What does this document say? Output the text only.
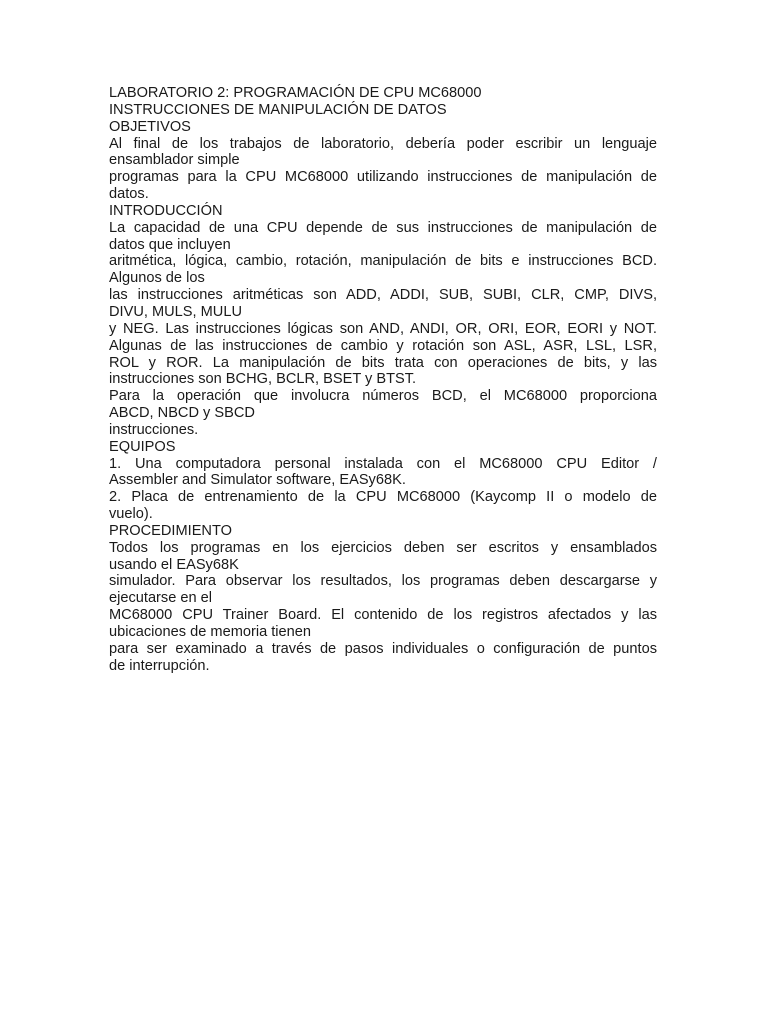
LABORATORIO 2: PROGRAMACIÓN DE CPU MC68000

INSTRUCCIONES DE MANIPULACIÓN DE DATOS

OBJETIVOS

Al final de los trabajos de laboratorio, debería poder escribir un lenguaje

ensamblador simple

programas para la CPU MC68000 utilizando instrucciones de manipulación de

datos.

INTRODUCCIÓN

La capacidad de una CPU depende de sus instrucciones de manipulación de

datos que incluyen

aritmética, lógica, cambio, rotación, manipulación de bits e instrucciones BCD.

Algunos de los

las instrucciones aritméticas son ADD, ADDI, SUB, SUBI, CLR, CMP, DIVS,

DIVU, MULS, MULU

y NEG. Las instrucciones lógicas son AND, ANDI, OR, ORI, EOR, EORI y NOT.

Algunas de las instrucciones de cambio y rotación son ASL, ASR, LSL, LSR,

ROL y ROR. La manipulación de bits trata con operaciones de bits, y las

instrucciones son BCHG, BCLR, BSET y BTST.

Para la operación que involucra números BCD, el MC68000 proporciona

ABCD, NBCD y SBCD

instrucciones.

EQUIPOS

1. Una computadora personal instalada con el MC68000 CPU Editor /

Assembler and Simulator software, EASy68K.

2. Placa de entrenamiento de la CPU MC68000 (Kaycomp II o modelo de

vuelo).

PROCEDIMIENTO

Todos los programas en los ejercicios deben ser escritos y ensamblados

usando el EASy68K

simulador. Para observar los resultados, los programas deben descargarse y

ejecutarse en el

MC68000 CPU Trainer Board. El contenido de los registros afectados y las

ubicaciones de memoria tienen

para ser examinado a través de pasos individuales o configuración de puntos

de interrupción.
